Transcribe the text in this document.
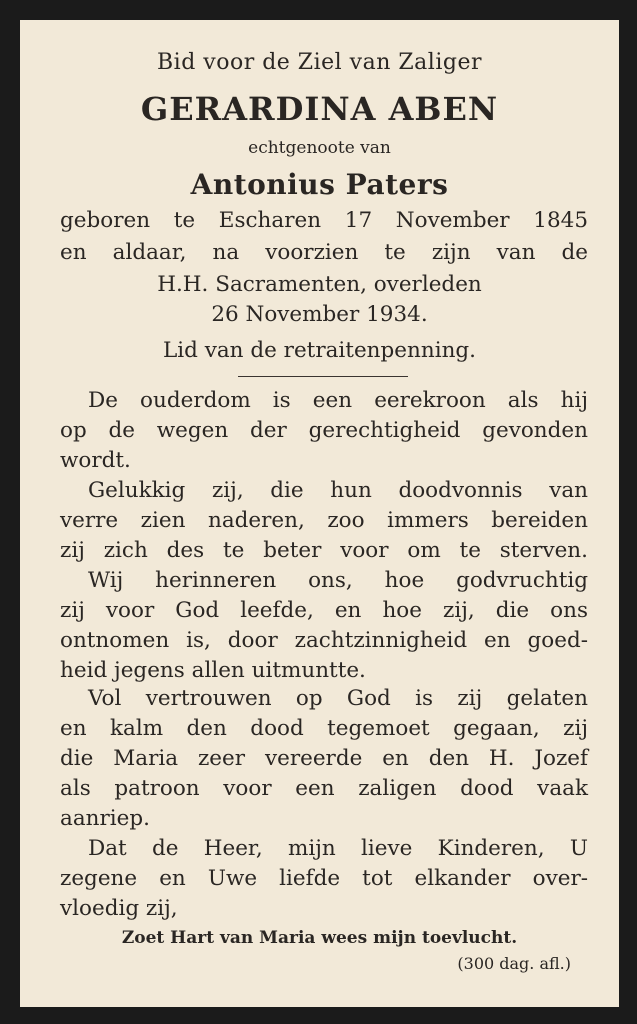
Bid voor de Ziel van Zaliger
GERARDINA ABEN
echtgenoote van
Antonius Paters
geboren te Escharen 17 November 1845
en aldaar, na voorzien te zijn van de
H.H. Sacramenten, overleden
26 November 1934.
Lid van de retraitenpenning.
De ouderdom is een eerekroon als hij
op de wegen der gerechtigheid gevonden
wordt.
Gelukkig zij, die hun doodvonnis van
verre zien naderen, zoo immers bereiden
zij zich des te beter voor om te sterven.
Wij herinneren ons, hoe godvruchtig
zij voor God leefde, en hoe zij, die ons
ontnomen is, door zachtzinnigheid en goed-
heid jegens allen uitmuntte.
Vol vertrouwen op God is zij gelaten
en kalm den dood tegemoet gegaan, zij
die Maria zeer vereerde en den H. Jozef
als patroon voor een zaligen dood vaak
aanriep.
Dat de Heer, mijn lieve Kinderen, U
zegene en Uwe liefde tot elkander over-
vloedig zij,
Zoet Hart van Maria wees mijn toevlucht.
(300 dag. afl.)
